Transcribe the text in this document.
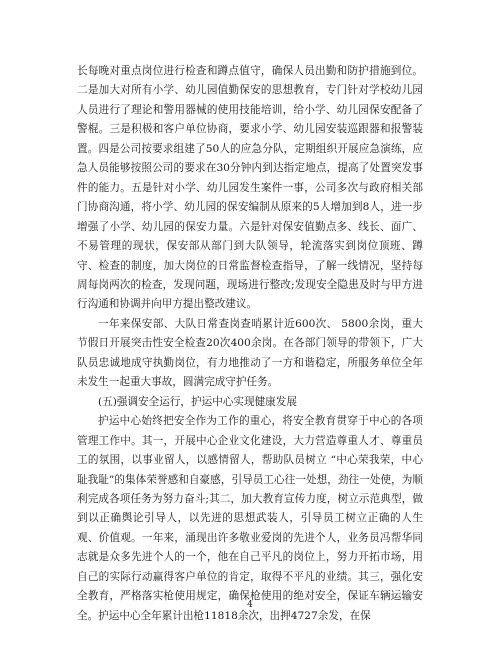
长每晚对重点岗位进行检查和蹲点值守，确保人员出勤和防护措施到位。二是加大对所有小学、幼儿园值勤保安的思想教育，专门针对学校幼儿园人员进行了理论和警用器械的使用技能培训，给小学、幼儿园保安配备了警棍。三是积极和客户单位协商，要求小学、幼儿园安装巡跟器和报警装置。四是公司按要求组建了50人的应急分队，定期组织开展应急演练，应急人员能够按照公司的要求在30分钟内到达指定地点，提高了处置突发事件的能力。五是针对小学、幼儿园发生案件一事，公司多次与政府相关部门协商沟通，将小学、幼儿园的保安编制从原来的5人增加到8人，进一步增强了小学、幼儿园的保安力量。六是针对保安值勤点多、线长、面广、不易管理的现状，保安部从部门到大队领导，轮流落实到岗位顶班、蹲守、检查的制度，加大岗位的日常监督检查指导，了解一线情况，坚持每周每岗两次的检查，发现问题，现场进行整改;发现安全隐患及时与甲方进行沟通和协调并向甲方提出整改建议。

一年来保安部、大队日常查岗查哨累计近600次、 5800余岗，重大节假日开展突击性安全检查20次400余岗。在各部门领导的带领下，广大队员忠诚地成守执勤岗位，有力地推动了一方和谐稳定，所服务单位全年未发生一起重大事故，圆满完成守护任务。

(五)强调安全运行，护运中心实现健康发展

护运中心始终把安全作为工作的重心，将安全教育贯穿于中心的各项管理工作中。其一，开展中心企业文化建设，大力营造尊重人才、尊重员工的氛围，以事业留人，以感情留人，帮助队员树立 “中心荣我荣，中心耻我耻”的集体荣誉感和自豪感，引导员工心往一处想，劲往一处使，为顺利完成各项任务为努力奋斗;其二，加大教育宣传力度，树立示范典型，做到以正确舆论引导人，以先进的思想武装人，引导员工树立正确的人生观、价值观。一年来，涌现出许多敬业爱岗的先进个人，业务员冯帮华同志就是众多先进个人的一个，他在自己平凡的岗位上，努力开拓市场，用自己的实际行动赢得客户单位的肯定，取得不平凡的业绩。其三，强化安全教育，严格落实枪使用规定，确保枪使用的绝对安全，保证车辆运输安全。护运中心全年累计出枪11818余次，出押4727余发，在保

4
